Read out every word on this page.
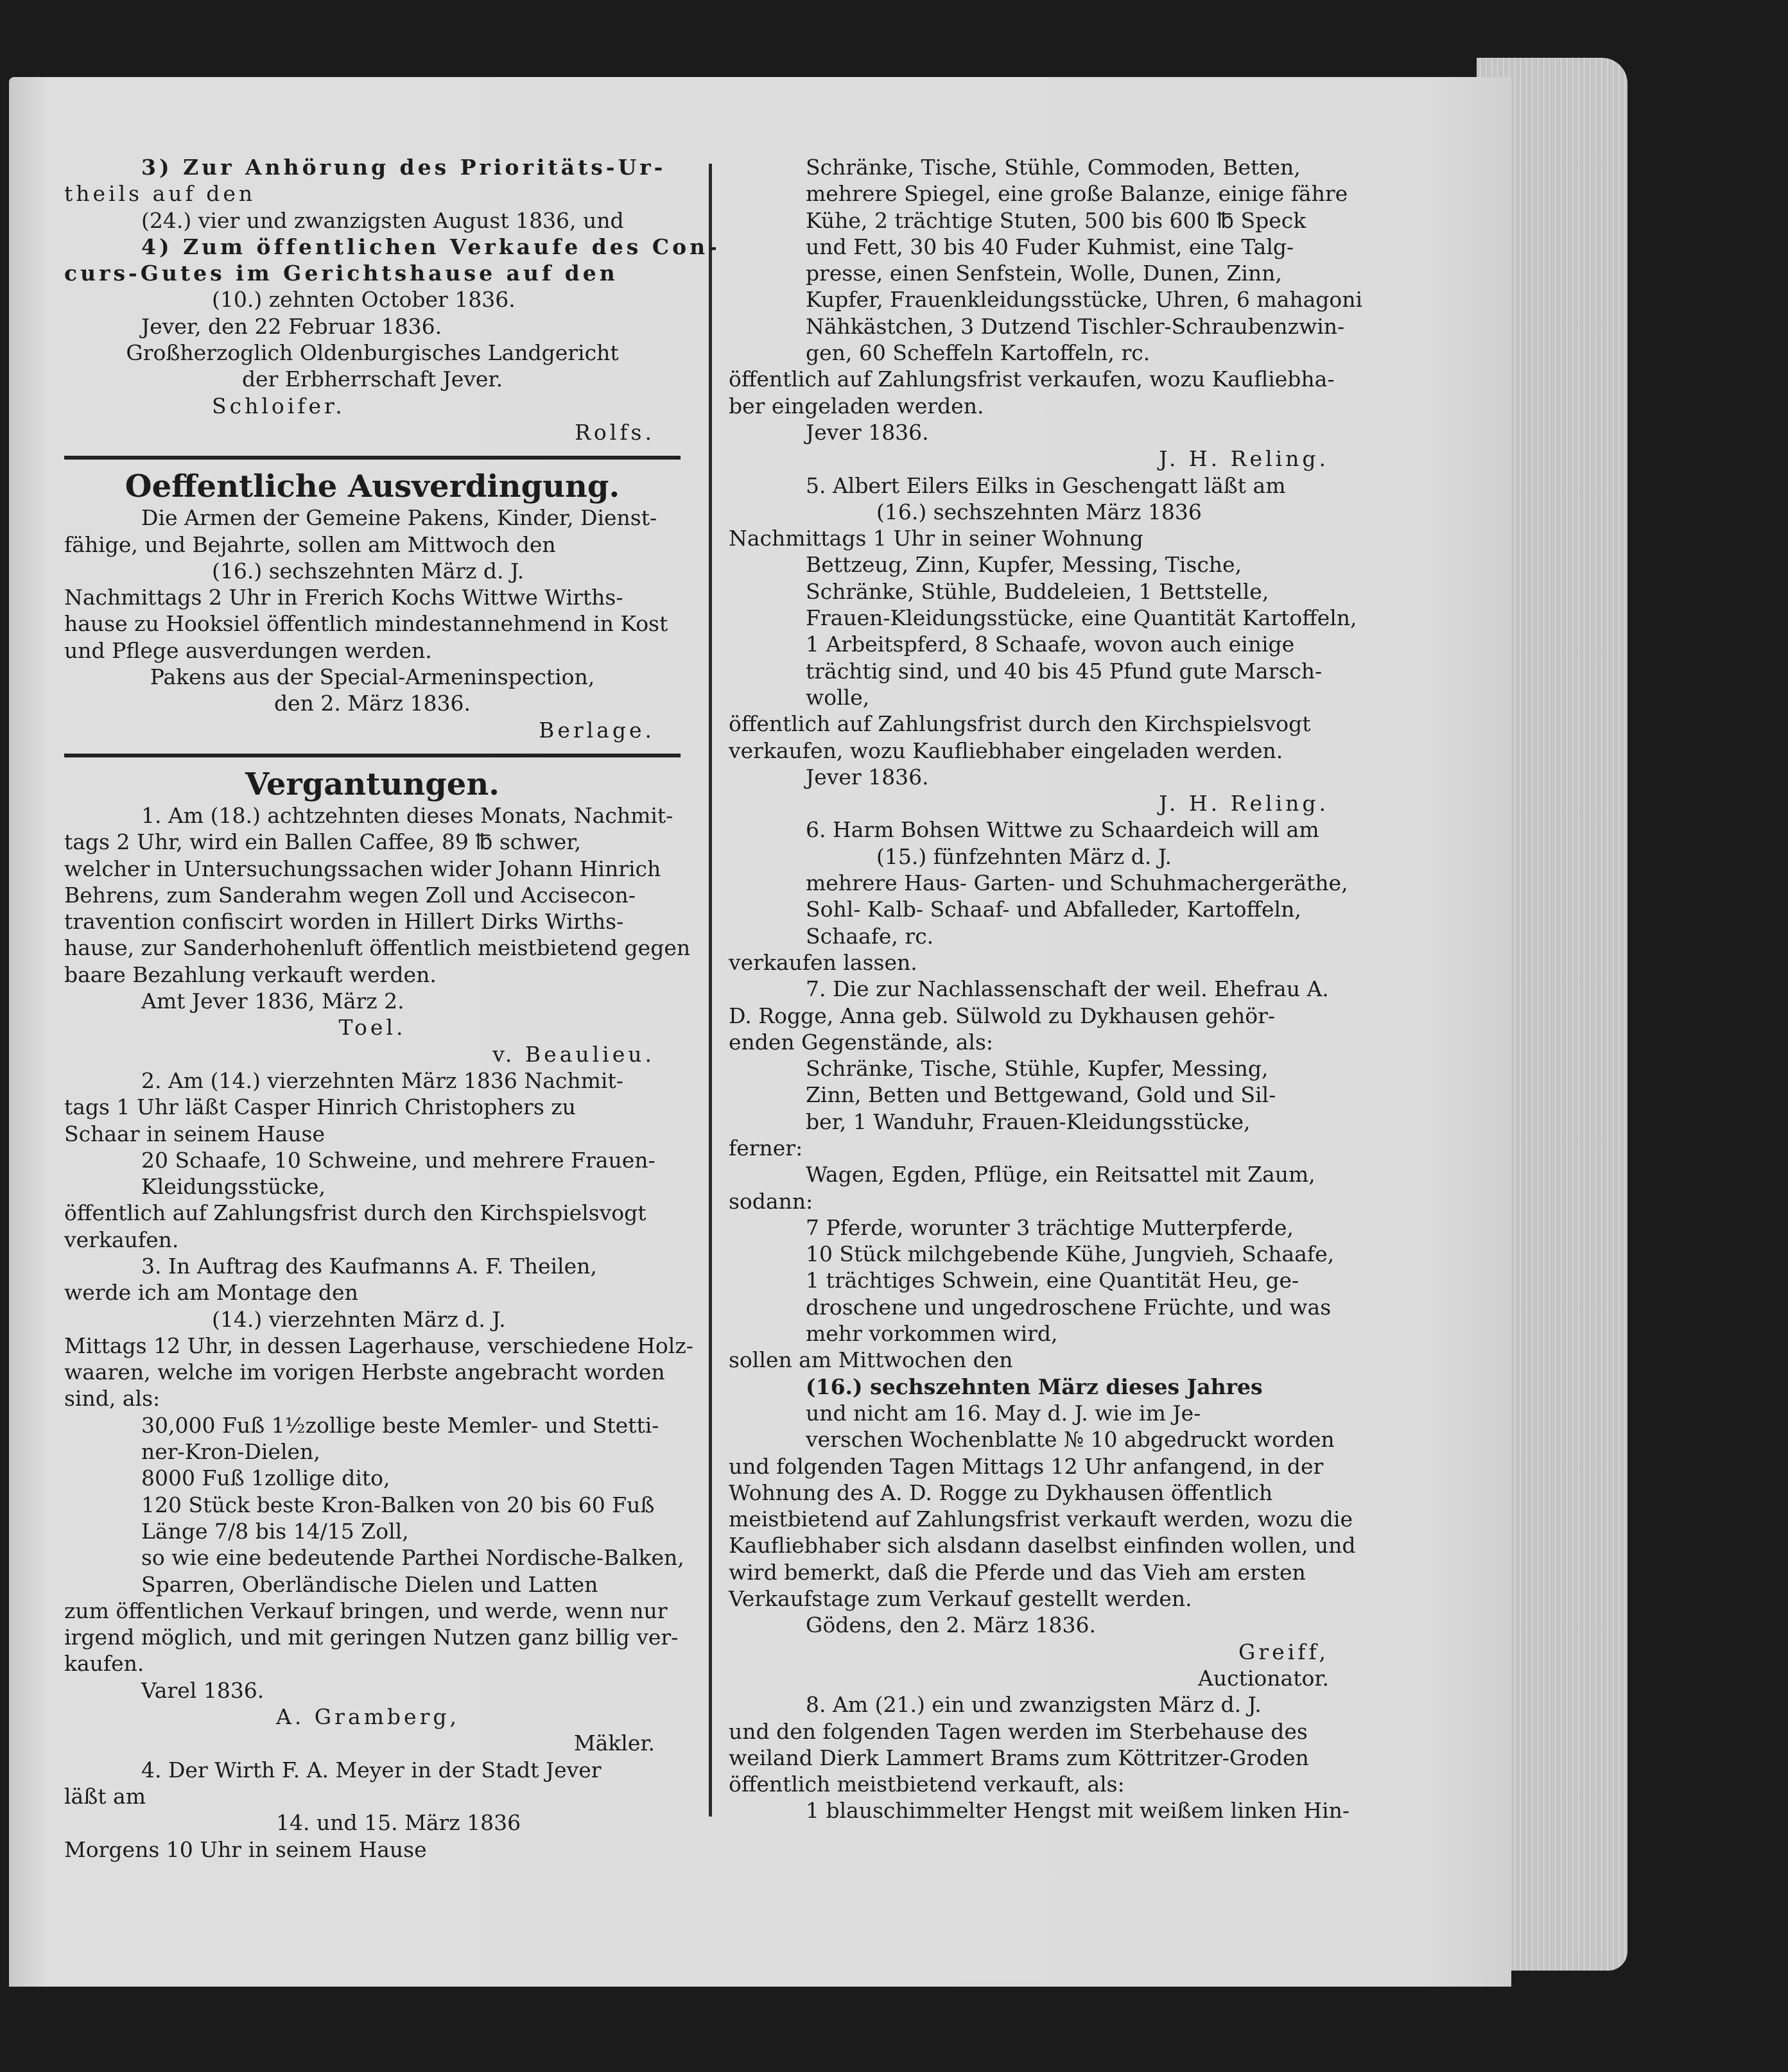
3) Zur Anhörung des Prioritäts-Ur-
theils auf den
(24.) vier und zwanzigsten August 1836, und
4) Zum öffentlichen Verkaufe des Con-
curs-Gutes im Gerichtshause auf den
(10.) zehnten October 1836.
Jever, den 22 Februar 1836.
Großherzoglich Oldenburgisches Landgericht
der Erbherrschaft Jever.
Schloifer.
Rolfs.
Oeffentliche Ausverdingung.
Die Armen der Gemeine Pakens, Kinder, Dienst-
fähige, und Bejahrte, sollen am Mittwoch den
(16.) sechszehnten März d. J.
Nachmittags 2 Uhr in Frerich Kochs Wittwe Wirths-
hause zu Hooksiel öffentlich mindestannehmend in Kost
und Pflege ausverdungen werden.
Pakens aus der Special-Armeninspection,
den 2. März 1836.
Berlage.
Vergantungen.
1. Am (18.) achtzehnten dieses Monats, Nachmit-
tags 2 Uhr, wird ein Ballen Caffee, 89 ℔ schwer,
welcher in Untersuchungssachen wider Johann Hinrich
Behrens, zum Sanderahm wegen Zoll und Accisecon-
travention confiscirt worden in Hillert Dirks Wirths-
hause, zur Sanderhohenluft öffentlich meistbietend gegen
baare Bezahlung verkauft werden.
Amt Jever 1836, März 2.
Toel.
v. Beaulieu.
2. Am (14.) vierzehnten März 1836 Nachmit-
tags 1 Uhr läßt Casper Hinrich Christophers zu
Schaar in seinem Hause
20 Schaafe, 10 Schweine, und mehrere Frauen-
Kleidungsstücke,
öffentlich auf Zahlungsfrist durch den Kirchspielsvogt
verkaufen.
3. In Auftrag des Kaufmanns A. F. Theilen,
werde ich am Montage den
(14.) vierzehnten März d. J.
Mittags 12 Uhr, in dessen Lagerhause, verschiedene Holz-
waaren, welche im vorigen Herbste angebracht worden
sind, als:
30,000 Fuß 1½zollige beste Memler- und Stetti-
ner-Kron-Dielen,
8000 Fuß 1zollige dito,
120 Stück beste Kron-Balken von 20 bis 60 Fuß
Länge 7/8 bis 14/15 Zoll,
so wie eine bedeutende Parthei Nordische-Balken,
Sparren, Oberländische Dielen und Latten
zum öffentlichen Verkauf bringen, und werde, wenn nur
irgend möglich, und mit geringen Nutzen ganz billig ver-
kaufen.
Varel 1836.
A. Gramberg,
Mäkler.
4. Der Wirth F. A. Meyer in der Stadt Jever
läßt am
14. und 15. März 1836
Morgens 10 Uhr in seinem Hause
Schränke, Tische, Stühle, Commoden, Betten,
mehrere Spiegel, eine große Balanze, einige fähre
Kühe, 2 trächtige Stuten, 500 bis 600 ℔ Speck
und Fett, 30 bis 40 Fuder Kuhmist, eine Talg-
presse, einen Senfstein, Wolle, Dunen, Zinn,
Kupfer, Frauenkleidungsstücke, Uhren, 6 mahagoni
Nähkästchen, 3 Dutzend Tischler-Schraubenzwin-
gen, 60 Scheffeln Kartoffeln, rc.
öffentlich auf Zahlungsfrist verkaufen, wozu Kaufliebha-
ber eingeladen werden.
Jever 1836.
J. H. Reling.
5. Albert Eilers Eilks in Geschengatt läßt am
(16.) sechszehnten März 1836
Nachmittags 1 Uhr in seiner Wohnung
Bettzeug, Zinn, Kupfer, Messing, Tische,
Schränke, Stühle, Buddeleien, 1 Bettstelle,
Frauen-Kleidungsstücke, eine Quantität Kartoffeln,
1 Arbeitspferd, 8 Schaafe, wovon auch einige
trächtig sind, und 40 bis 45 Pfund gute Marsch-
wolle,
öffentlich auf Zahlungsfrist durch den Kirchspielsvogt
verkaufen, wozu Kaufliebhaber eingeladen werden.
Jever 1836.
J. H. Reling.
6. Harm Bohsen Wittwe zu Schaardeich will am
(15.) fünfzehnten März d. J.
mehrere Haus- Garten- und Schuhmachergeräthe,
Sohl- Kalb- Schaaf- und Abfalleder, Kartoffeln,
Schaafe, rc.
verkaufen lassen.
7. Die zur Nachlassenschaft der weil. Ehefrau A.
D. Rogge, Anna geb. Sülwold zu Dykhausen gehör-
enden Gegenstände, als:
Schränke, Tische, Stühle, Kupfer, Messing,
Zinn, Betten und Bettgewand, Gold und Sil-
ber, 1 Wanduhr, Frauen-Kleidungsstücke,
ferner:
Wagen, Egden, Pflüge, ein Reitsattel mit Zaum,
sodann:
7 Pferde, worunter 3 trächtige Mutterpferde,
10 Stück milchgebende Kühe, Jungvieh, Schaafe,
1 trächtiges Schwein, eine Quantität Heu, ge-
droschene und ungedroschene Früchte, und was
mehr vorkommen wird,
sollen am Mittwochen den
(16.) sechszehnten März dieses Jahres
und nicht am 16. May d. J. wie im Je-
verschen Wochenblatte № 10 abgedruckt worden
und folgenden Tagen Mittags 12 Uhr anfangend, in der
Wohnung des A. D. Rogge zu Dykhausen öffentlich
meistbietend auf Zahlungsfrist verkauft werden, wozu die
Kaufliebhaber sich alsdann daselbst einfinden wollen, und
wird bemerkt, daß die Pferde und das Vieh am ersten
Verkaufstage zum Verkauf gestellt werden.
Gödens, den 2. März 1836.
Greiff,
Auctionator.
8. Am (21.) ein und zwanzigsten März d. J.
und den folgenden Tagen werden im Sterbehause des
weiland Dierk Lammert Brams zum Köttritzer-Groden
öffentlich meistbietend verkauft, als:
1 blauschimmelter Hengst mit weißem linken Hin-
